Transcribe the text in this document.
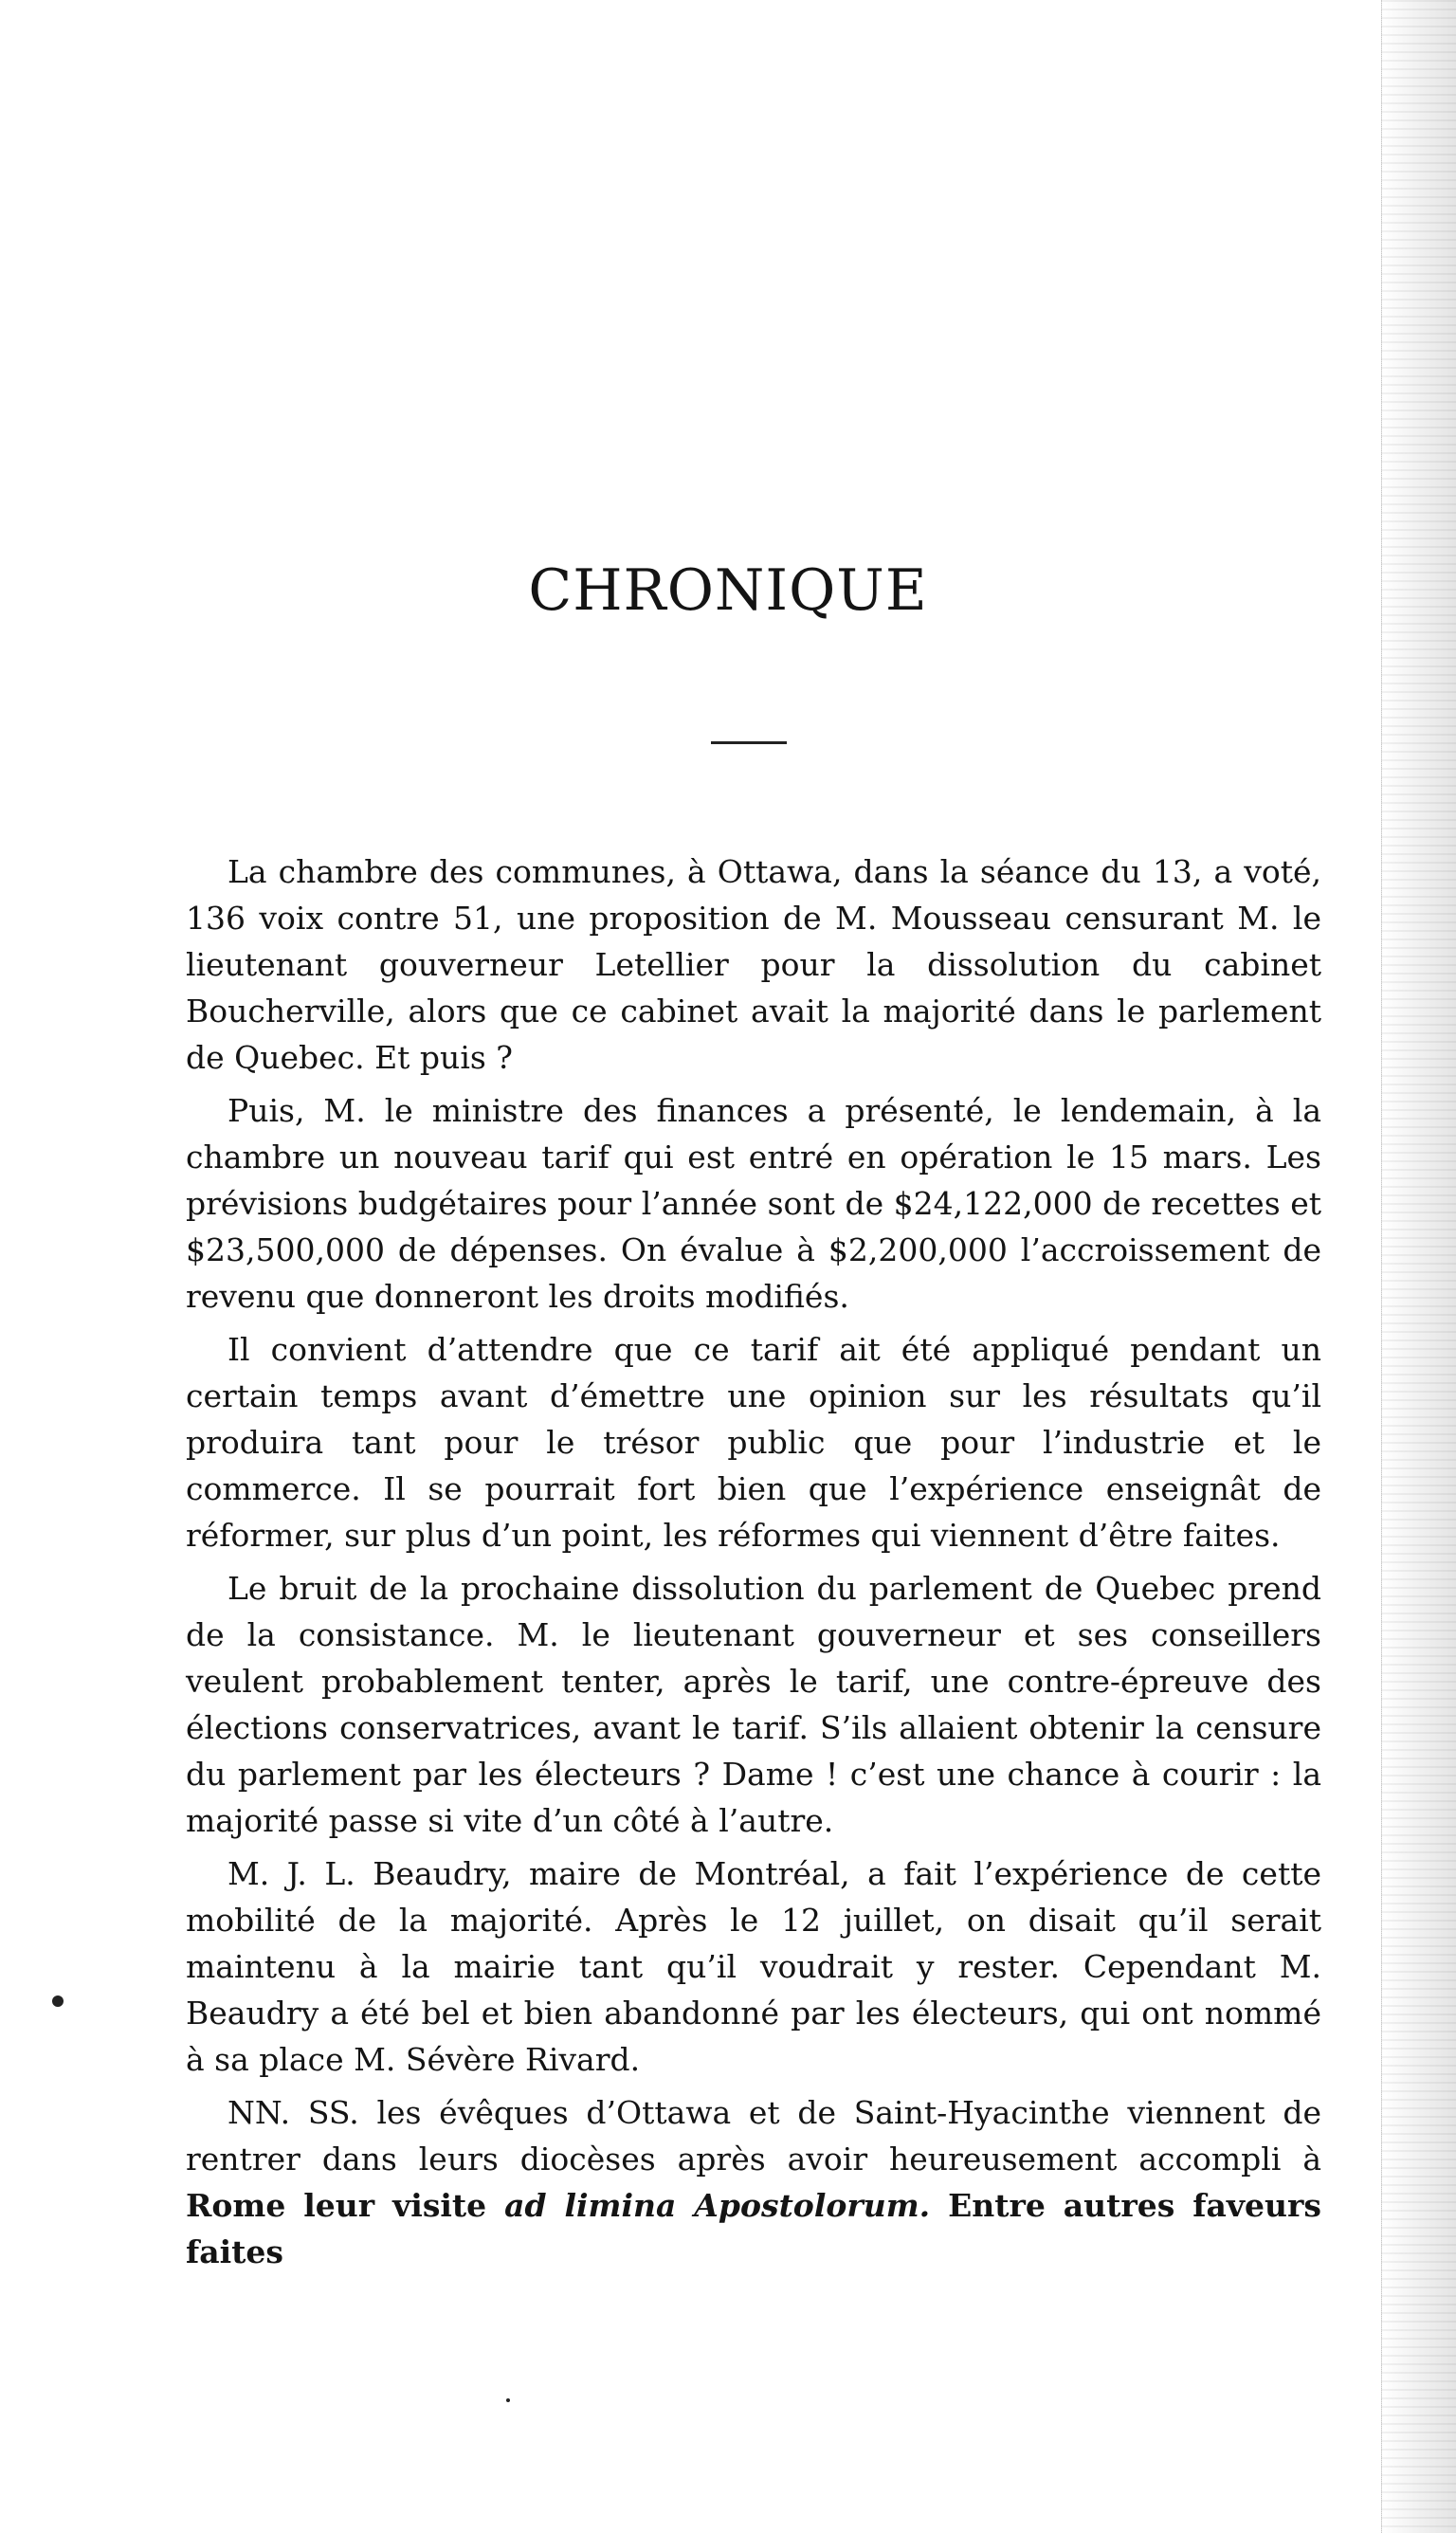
CHRONIQUE

La chambre des communes, à Ottawa, dans la séance du 13, a voté, 136 voix contre 51, une proposition de M. Mousseau censurant M. le lieutenant gouverneur Letellier pour la dissolution du cabinet Boucherville, alors que ce cabinet avait la majorité dans le parlement de Quebec. Et puis ?

Puis, M. le ministre des finances a présenté, le lendemain, à la chambre un nouveau tarif qui est entré en opération le 15 mars. Les prévisions budgétaires pour l’année sont de $24,122,000 de recettes et $23,500,000 de dépenses. On évalue à $2,200,000 l’accroissement de revenu que donneront les droits modifiés.

Il convient d’attendre que ce tarif ait été appliqué pendant un certain temps avant d’émettre une opinion sur les résultats qu’il produira tant pour le trésor public que pour l’industrie et le commerce. Il se pourrait fort bien que l’expérience enseignât de réformer, sur plus d’un point, les réformes qui viennent d’être faites.

Le bruit de la prochaine dissolution du parlement de Quebec prend de la consistance. M. le lieutenant gouverneur et ses conseillers veulent probablement tenter, après le tarif, une contre-épreuve des élections conservatrices, avant le tarif. S’ils allaient obtenir la censure du parlement par les électeurs ? Dame ! c’est une chance à courir : la majorité passe si vite d’un côté à l’autre.

M. J. L. Beaudry, maire de Montréal, a fait l’expérience de cette mobilité de la majorité. Après le 12 juillet, on disait qu’il serait maintenu à la mairie tant qu’il voudrait y rester. Cependant M. Beaudry a été bel et bien abandonné par les électeurs, qui ont nommé à sa place M. Sévère Rivard.

NN. SS. les évêques d’Ottawa et de Saint-Hyacinthe viennent de rentrer dans leurs diocèses après avoir heureusement accompli à Rome leur visite ad limina Apostolorum. Entre autres faveurs faites
